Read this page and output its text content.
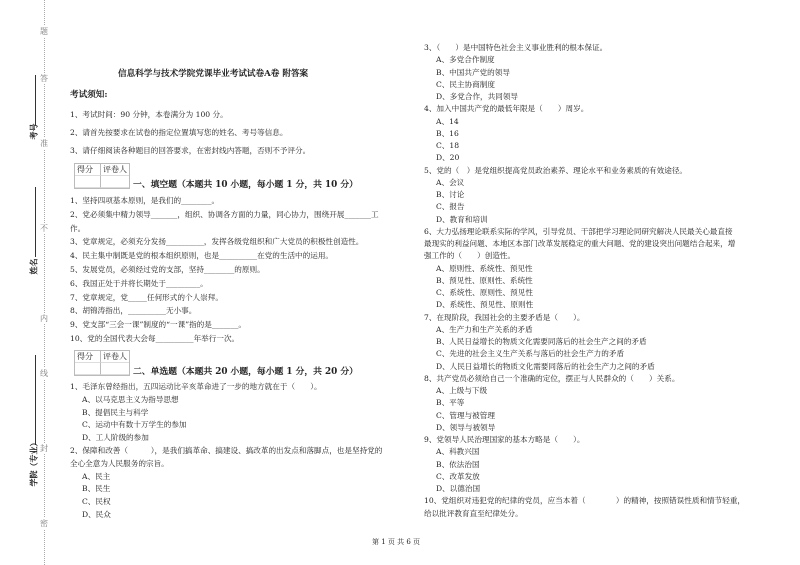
题
答
准
不
内
线
封
密
考号
姓名
学院（专业）
信息科学与技术学院党课毕业考试试卷A卷 附答案
考试须知:
1、考试时间：90 分钟，本卷满分为 100 分。
2、请首先按要求在试卷的指定位置填写您的姓名、考号等信息。
3、请仔细阅读各种题目的回答要求，在密封线内答题，否则不予评分。
得分	评卷人
一、填空题（本题共 10 小题，每小题 1 分，共 10 分）
1、坚持四项基本原则，是我们的________。
2、党必须集中精力领导_______，组织、协调各方面的力量，同心协力，围绕开展_______工
作。
3、党章规定，必须充分发扬__________，发挥各级党组织和广大党员的积极性创造性。
4、民主集中制既是党的根本组织原则，也是__________在党的生活中的运用。
5、发展党员，必须经过党的支部，坚持________的原则。
6、我国正处于并将长期处于_________。
7、党章规定，党_____任何形式的个人崇拜。
8、胡锦涛指出，__________无小事。
9、党支部“三会一课”制度的“一课”指的是_______。
10、党的全国代表大会每__________年举行一次。
得分	评卷人
二、单选题（本题共 20 小题，每小题 1 分，共 20 分）
1、毛泽东曾经指出，五四运动比辛亥革命进了一步的地方就在于（　　）。
A、以马克思主义为指导思想
B、提倡民主与科学
C、运动中有数十万学生的参加
D、工人阶级的参加
2、保障和改善（　　　），是我们搞革命、搞建设、搞改革的出发点和落脚点，也是坚持党的
全心全意为人民服务的宗旨。
A、民主
B、民生
C、民权
D、民众
3、（　　）是中国特色社会主义事业胜利的根本保证。
A、多党合作制度
B、中国共产党的领导
C、民主协商制度
D、多党合作，共同领导
4、加入中国共产党的最低年限是（　　）周岁。
A、14
B、16
C、18
D、20
5、党的（　）是党组织提高党员政治素养、理论水平和业务素质的有效途径。
A、会议
B、讨论
C、报告
D、教育和培训
6、大力弘扬理论联系实际的学风，引导党员、干部把学习理论同研究解决人民最关心最直接
最现实的利益问题、本地区本部门改革发展稳定的重大问题、党的建设突出问题结合起来，增
强工作的（　　）创造性。
A、原则性、系统性、预见性
B、预见性、原则性、系统性
C、系统性、原则性、预见性
D、系统性、预见性、原则性
7、在现阶段，我国社会的主要矛盾是（　　）。
A、生产力和生产关系的矛盾
B、人民日益增长的物质文化需要同落后的社会生产之间的矛盾
C、先进的社会主义生产关系与落后的社会生产力的矛盾
D、人民日益增长的物质文化需要同落后的社会生产力之间的矛盾
8、共产党员必须给自己一个准确的定位，摆正与人民群众的（　　）关系。
A、上级与下级
B、平等
C、管理与被管理
D、领导与被领导
9、党领导人民治理国家的基本方略是（　　）。
A、科教兴国
B、依法治国
C、改革发放
D、以德治国
10、党组织对违犯党的纪律的党员，应当本着（　　　　）的精神，按照错误性质和情节轻重，
给以批评教育直至纪律处分。
第 1 页 共 6 页
